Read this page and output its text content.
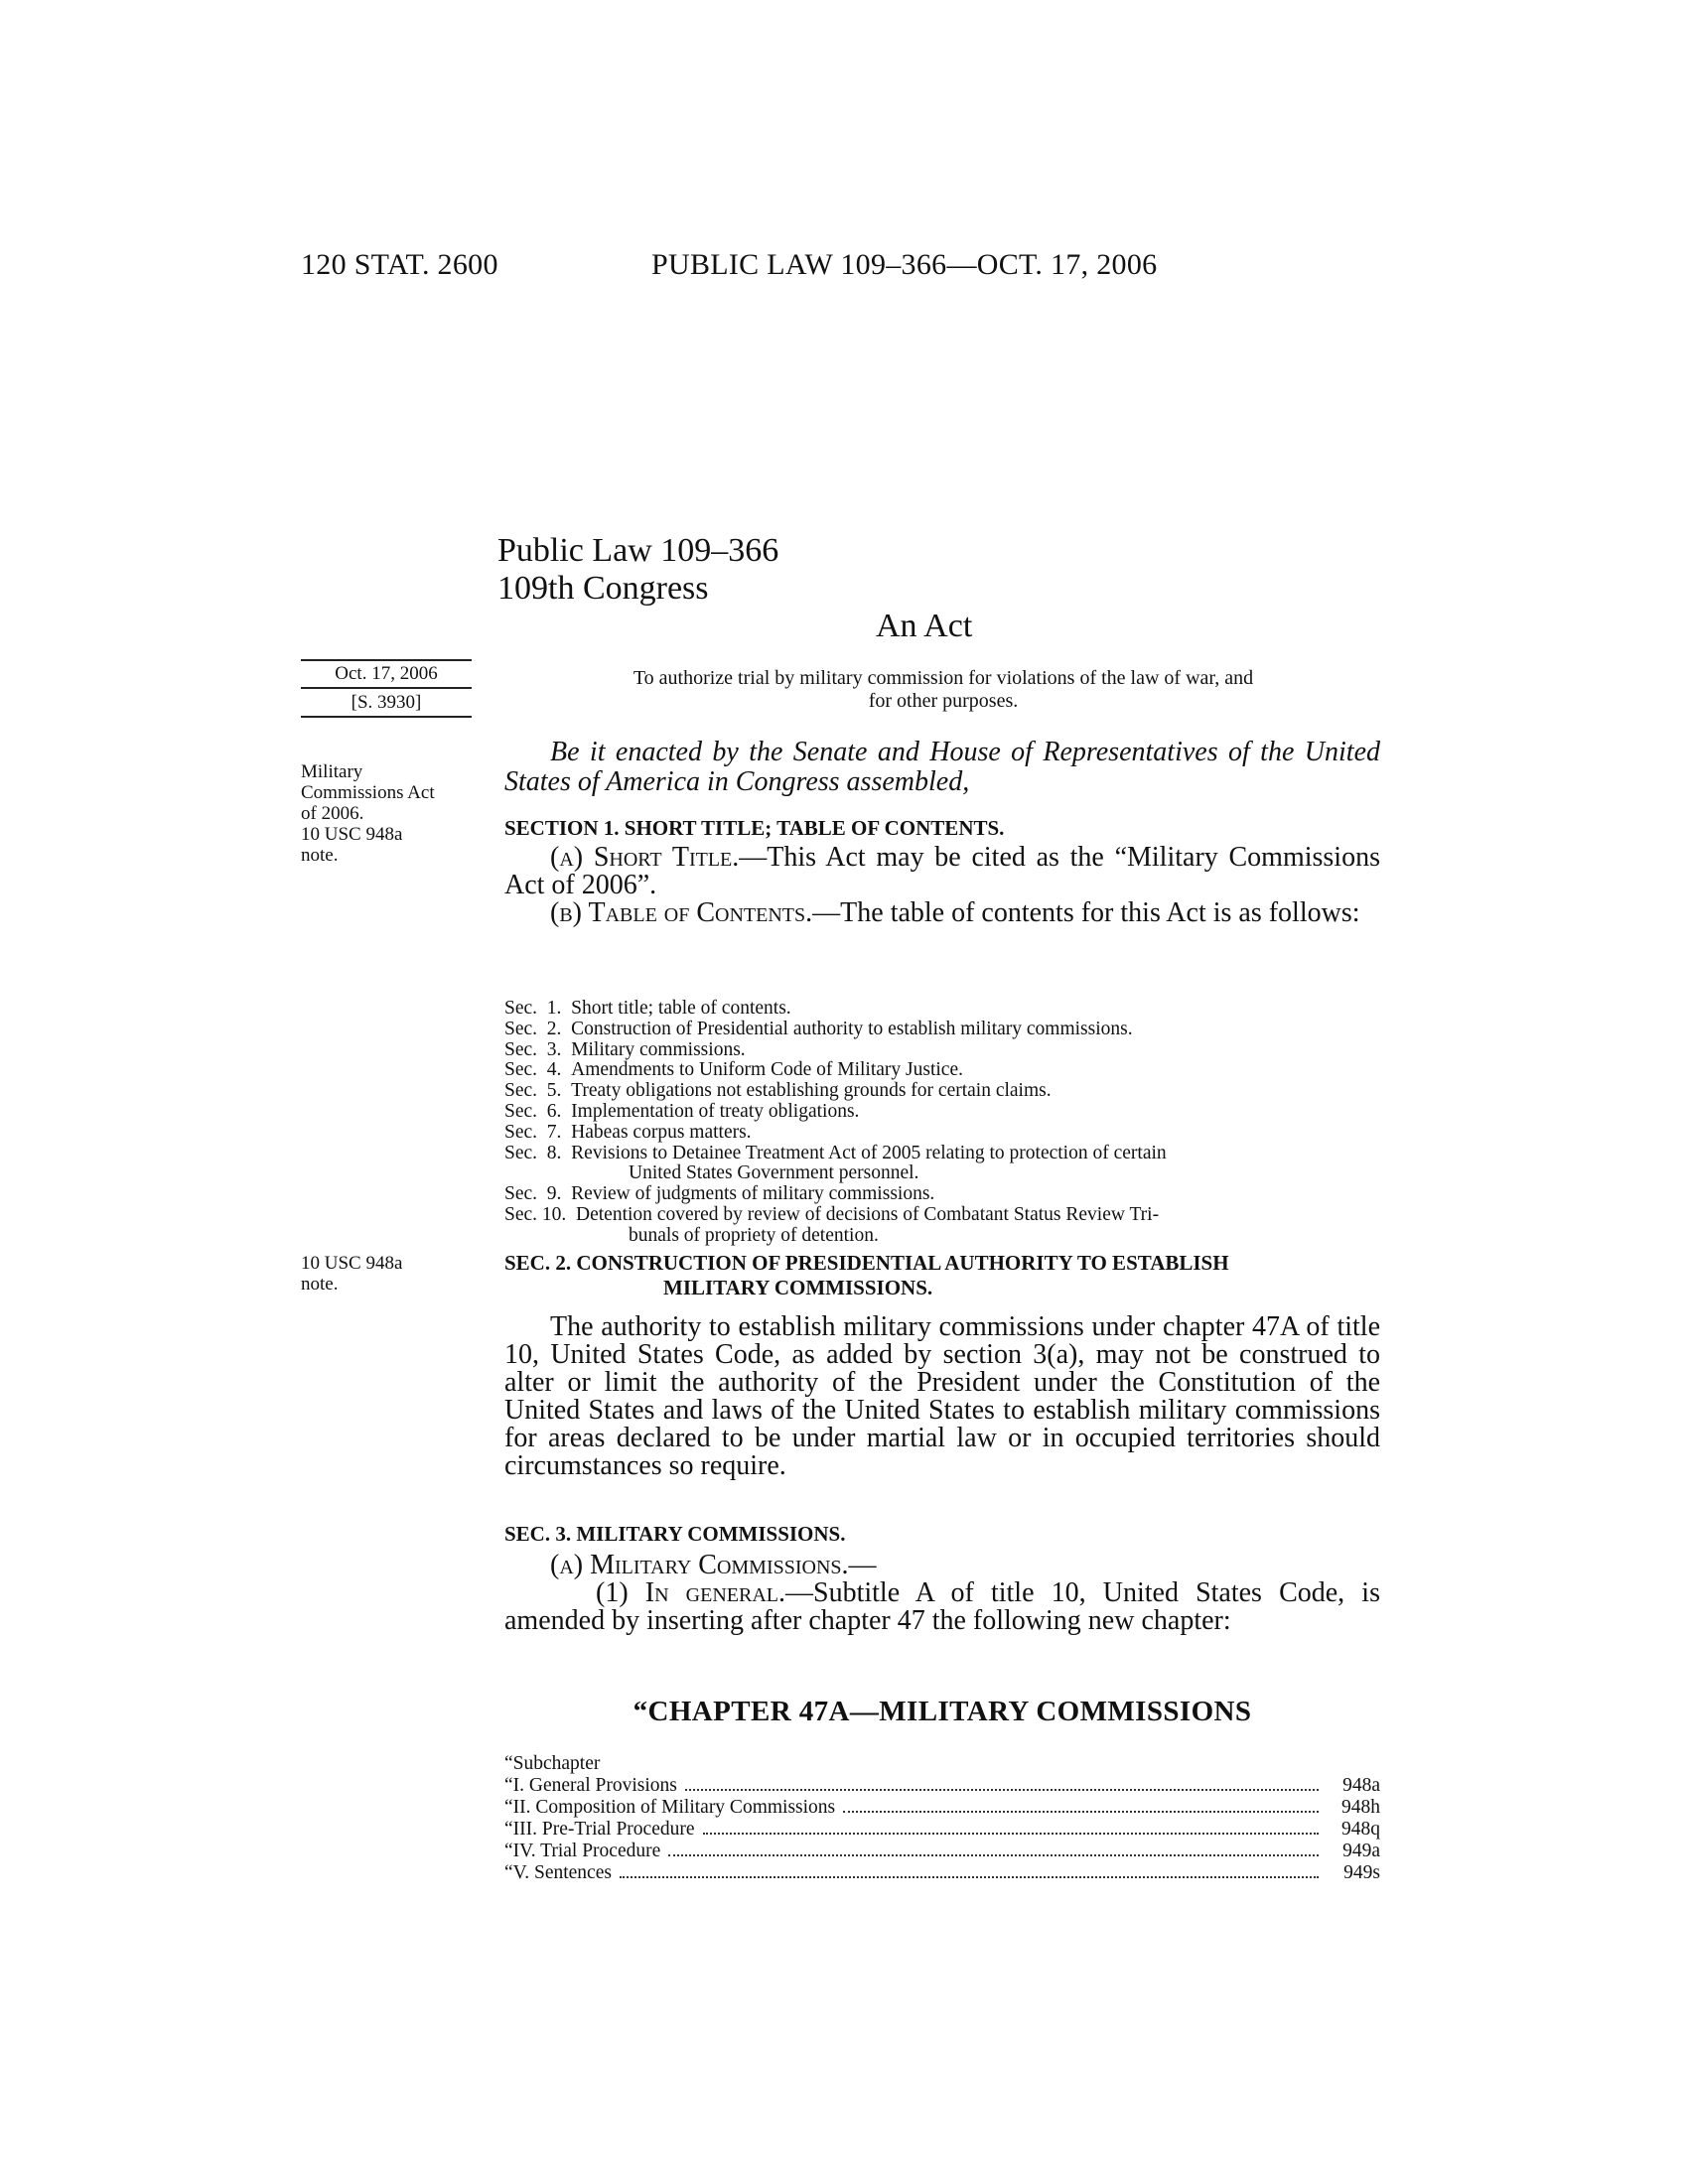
120 STAT. 2600	PUBLIC LAW 109–366—OCT. 17, 2006
Public Law 109–366
109th Congress
An Act
Oct. 17, 2006
[S. 3930]
Military
Commissions Act
of 2006.
10 USC 948a
note.
To authorize trial by military commission for violations of the law of war, and
for other purposes.
Be it enacted by the Senate and House of Representatives of the United States of America in Congress assembled,
SECTION 1. SHORT TITLE; TABLE OF CONTENTS.
(a) Short Title.—This Act may be cited as the “Military Commissions Act of 2006”.
(b) Table of Contents.—The table of contents for this Act is as follows:
Sec.  1. Short title; table of contents.
Sec.  2. Construction of Presidential authority to establish military commissions.
Sec.  3. Military commissions.
Sec.  4. Amendments to Uniform Code of Military Justice.
Sec.  5. Treaty obligations not establishing grounds for certain claims.
Sec.  6. Implementation of treaty obligations.
Sec.  7. Habeas corpus matters.
Sec.  8. Revisions to Detainee Treatment Act of 2005 relating to protection of certain
United States Government personnel.
Sec.  9. Review of judgments of military commissions.
Sec. 10. Detention covered by review of decisions of Combatant Status Review Tri-
bunals of propriety of detention.
10 USC 948a
note.
SEC. 2. CONSTRUCTION OF PRESIDENTIAL AUTHORITY TO ESTABLISH
MILITARY COMMISSIONS.
The authority to establish military commissions under chapter 47A of title 10, United States Code, as added by section 3(a), may not be construed to alter or limit the authority of the President under the Constitution of the United States and laws of the United States to establish military commissions for areas declared to be under martial law or in occupied territories should circumstances so require.
SEC. 3. MILITARY COMMISSIONS.
(a) Military Commissions.—
(1) In general.—Subtitle A of title 10, United States Code, is amended by inserting after chapter 47 the following new chapter:
“CHAPTER 47A—MILITARY COMMISSIONS
“Subchapter
“I. General Provisions	948a
“II. Composition of Military Commissions	948h
“III. Pre-Trial Procedure	948q
“IV. Trial Procedure	949a
“V. Sentences	949s
